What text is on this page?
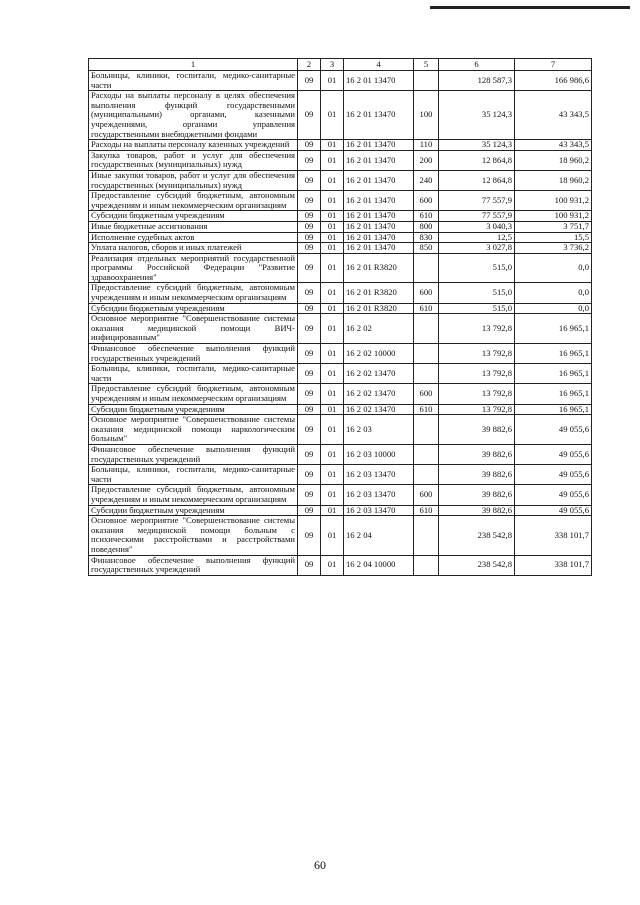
1	2	3	4	5	6	7
Больницы, клиники, госпитали, медико-санитарные части	09	01	16 2 01 13470		128 587,3	166 986,6
Расходы на выплаты персоналу в целях обеспечения выполнения функций государственными (муниципальными) органами, казенными учреждениями, органами управления государственными внебюджетными фондами	09	01	16 2 01 13470	100	35 124,3	43 343,5
Расходы на выплаты персоналу казенных учреждений	09	01	16 2 01 13470	110	35 124,3	43 343,5
Закупка товаров, работ и услуг для обеспечения государственных (муниципальных) нужд	09	01	16 2 01 13470	200	12 864,8	18 960,2
Иные закупки товаров, работ и услуг для обеспечения государственных (муниципальных) нужд	09	01	16 2 01 13470	240	12 864,8	18 960,2
Предоставление субсидий бюджетным, автономным учреждениям и иным некоммерческим организациям	09	01	16 2 01 13470	600	77 557,9	100 931,2
Субсидии бюджетным учреждениям	09	01	16 2 01 13470	610	77 557,9	100 931,2
Иные бюджетные ассигнования	09	01	16 2 01 13470	800	3 040,3	3 751,7
Исполнение судебных актов	09	01	16 2 01 13470	830	12,5	15,5
Уплата налогов, сборов и иных платежей	09	01	16 2 01 13470	850	3 027,8	3 736,2
Реализация отдельных мероприятий государственной программы Российской Федерации "Развитие здравоохранения"	09	01	16 2 01 R3820		515,0	0,0
Предоставление субсидий бюджетным, автономным учреждениям и иным некоммерческим организациям	09	01	16 2 01 R3820	600	515,0	0,0
Субсидии бюджетным учреждениям	09	01	16 2 01 R3820	610	515,0	0,0
Основное мероприятие "Совершенствование системы оказания медицинской помощи ВИЧ-инфицированным"	09	01	16 2 02		13 792,8	16 965,1
Финансовое обеспечение выполнения функций государственных учреждений	09	01	16 2 02 10000		13 792,8	16 965,1
Больницы, клиники, госпитали, медико-санитарные части	09	01	16 2 02 13470		13 792,8	16 965,1
Предоставление субсидий бюджетным, автономным учреждениям и иным некоммерческим организациям	09	01	16 2 02 13470	600	13 792,8	16 965,1
Субсидии бюджетным учреждениям	09	01	16 2 02 13470	610	13 792,8	16 965,1
Основное мероприятие "Совершенствование системы оказания медицинской помощи наркологическим больным"	09	01	16 2 03		39 882,6	49 055,6
Финансовое обеспечение выполнения функций государственных учреждений	09	01	16 2 03 10000		39 882,6	49 055,6
Больницы, клиники, госпитали, медико-санитарные части	09	01	16 2 03 13470		39 882,6	49 055,6
Предоставление субсидий бюджетным, автономным учреждениям и иным некоммерческим организациям	09	01	16 2 03 13470	600	39 882,6	49 055,6
Субсидии бюджетным учреждениям	09	01	16 2 03 13470	610	39 882,6	49 055,6
Основное мероприятие "Совершенствование системы оказания медицинской помощи больным с психическими расстройствами и расстройствами поведения"	09	01	16 2 04		238 542,8	338 101,7
Финансовое обеспечение выполнения функций государственных учреждений	09	01	16 2 04 10000		238 542,8	338 101,7
60
